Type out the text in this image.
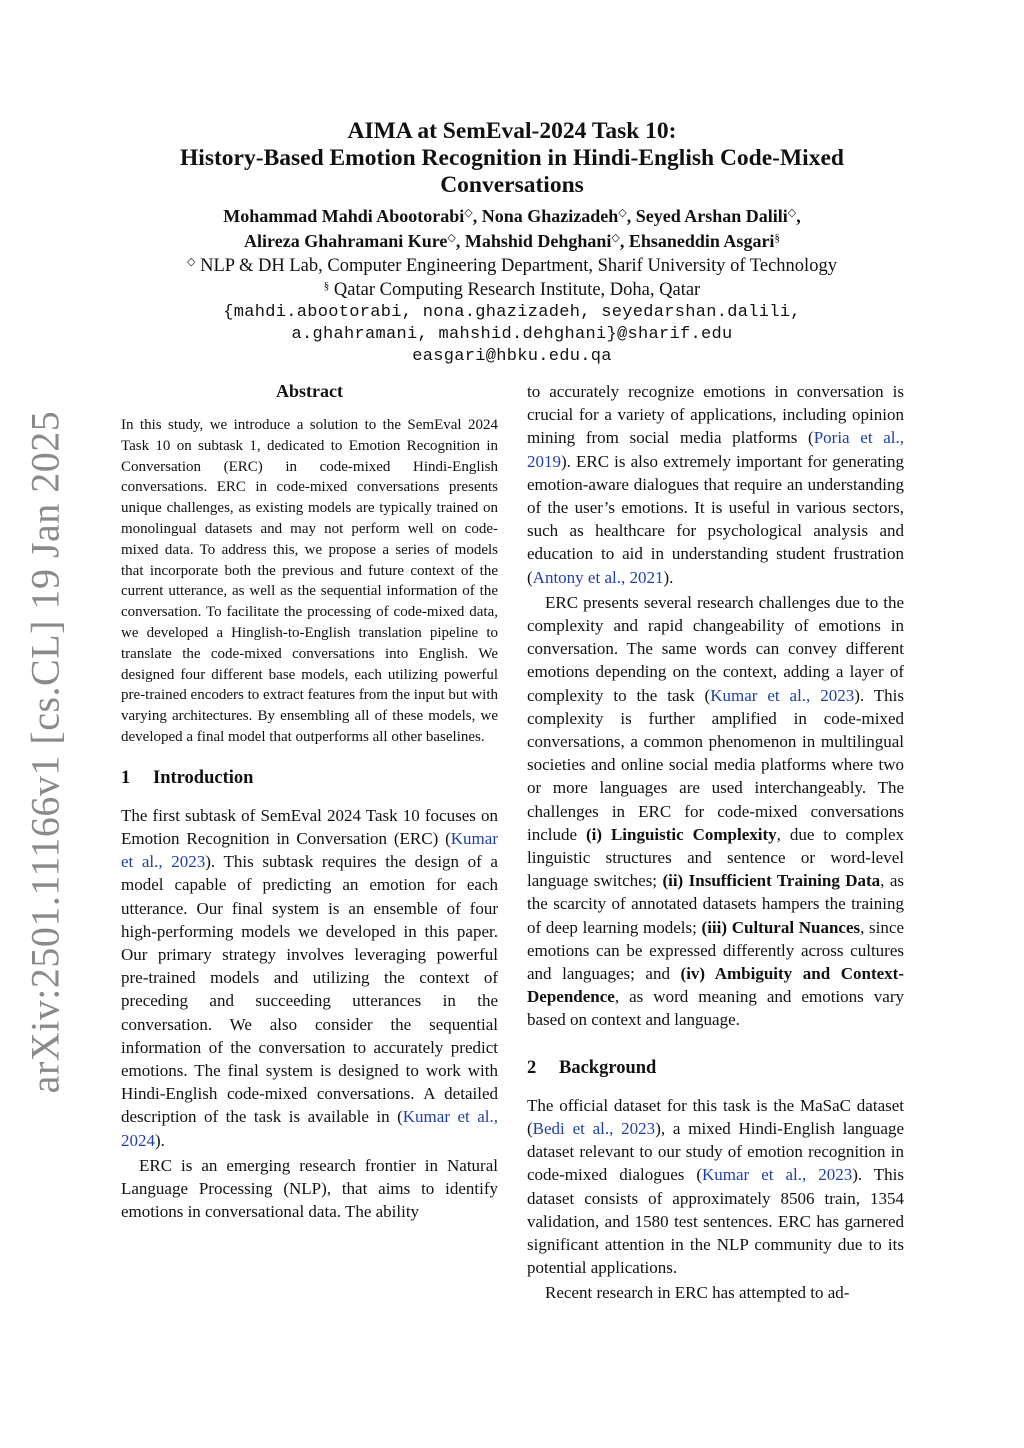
arXiv:2501.11166v1 [cs.CL] 19 Jan 2025
AIMA at SemEval-2024 Task 10:
History-Based Emotion Recognition in Hindi-English Code-Mixed
Conversations
Mohammad Mahdi Abootorabi◇, Nona Ghazizadeh◇, Seyed Arshan Dalili◇,
Alireza Ghahramani Kure◇, Mahshid Dehghani◇, Ehsaneddin Asgari§
◇ NLP & DH Lab, Computer Engineering Department, Sharif University of Technology
§ Qatar Computing Research Institute, Doha, Qatar
{mahdi.abootorabi, nona.ghazizadeh, seyedarshan.dalili,
a.ghahramani, mahshid.dehghani}@sharif.edu
easgari@hbku.edu.qa
Abstract

In this study, we introduce a solution to the SemEval 2024 Task 10 on subtask 1, dedicated to Emotion Recognition in Conversation (ERC) in code-mixed Hindi-English conversations. ERC in code-mixed conversations presents unique challenges, as existing models are typically trained on monolingual datasets and may not perform well on code-mixed data. To address this, we propose a series of models that incorporate both the previous and future context of the current utterance, as well as the sequential information of the conversation. To facilitate the processing of code-mixed data, we developed a Hinglish-to-English translation pipeline to translate the code-mixed conversations into English. We designed four different base models, each utilizing powerful pre-trained encoders to extract features from the input but with varying architectures. By ensembling all of these models, we developed a final model that outperforms all other baselines.

1 Introduction

The first subtask of SemEval 2024 Task 10 focuses on Emotion Recognition in Conversation (ERC) (Kumar et al., 2023). This subtask requires the design of a model capable of predicting an emotion for each utterance. Our final system is an ensemble of four high-performing models we developed in this paper. Our primary strategy involves leveraging powerful pre-trained models and utilizing the context of preceding and succeeding utterances in the conversation. We also consider the sequential information of the conversation to accurately predict emotions. The final system is designed to work with Hindi-English code-mixed conversations. A detailed description of the task is available in (Kumar et al., 2024).

ERC is an emerging research frontier in Natural Language Processing (NLP), that aims to identify emotions in conversational data. The ability

to accurately recognize emotions in conversation is crucial for a variety of applications, including opinion mining from social media platforms (Poria et al., 2019). ERC is also extremely important for generating emotion-aware dialogues that require an understanding of the user’s emotions. It is useful in various sectors, such as healthcare for psychological analysis and education to aid in understanding student frustration (Antony et al., 2021).

ERC presents several research challenges due to the complexity and rapid changeability of emotions in conversation. The same words can convey different emotions depending on the context, adding a layer of complexity to the task (Kumar et al., 2023). This complexity is further amplified in code-mixed conversations, a common phenomenon in multilingual societies and online social media platforms where two or more languages are used interchangeably. The challenges in ERC for code-mixed conversations include (i) Linguistic Complexity, due to complex linguistic structures and sentence or word-level language switches; (ii) Insufficient Training Data, as the scarcity of annotated datasets hampers the training of deep learning models; (iii) Cultural Nuances, since emotions can be expressed differently across cultures and languages; and (iv) Ambiguity and Context-Dependence, as word meaning and emotions vary based on context and language.

2 Background

The official dataset for this task is the MaSaC dataset (Bedi et al., 2023), a mixed Hindi-English language dataset relevant to our study of emotion recognition in code-mixed dialogues (Kumar et al., 2023). This dataset consists of approximately 8506 train, 1354 validation, and 1580 test sentences. ERC has garnered significant attention in the NLP community due to its potential applications.

Recent research in ERC has attempted to ad-
